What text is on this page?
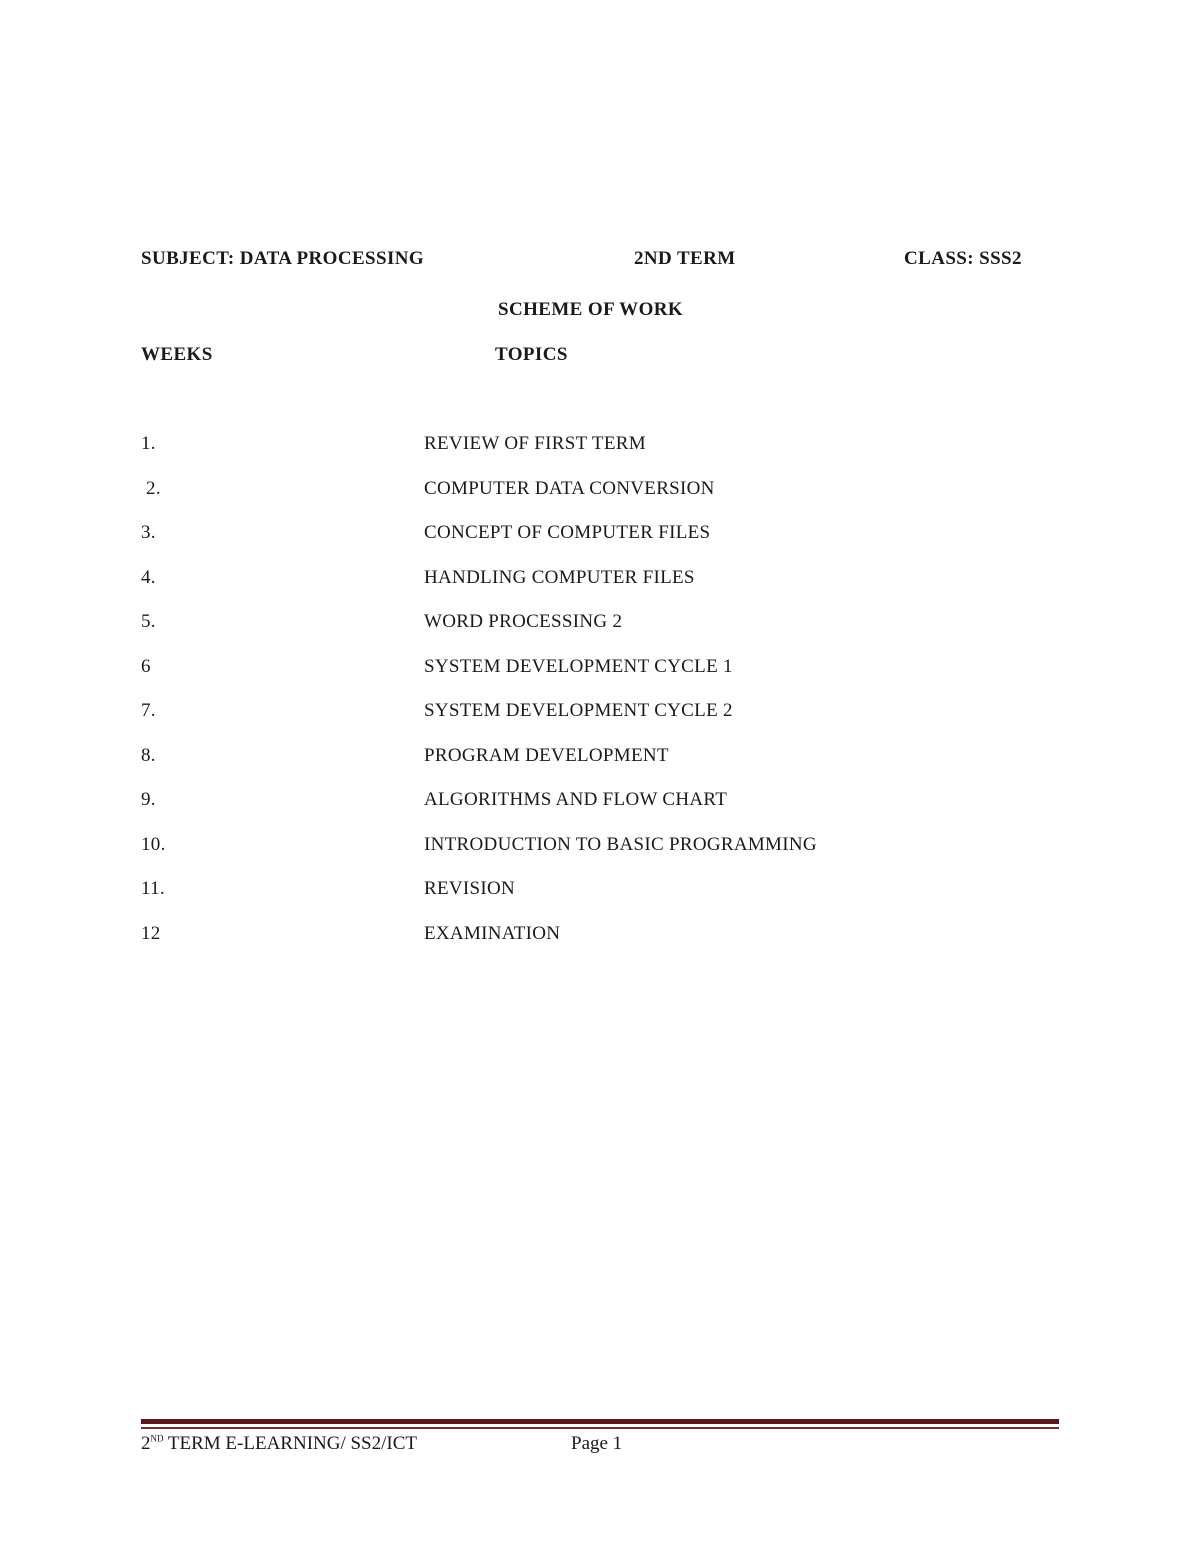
SUBJECT: DATA PROCESSING	2ND TERM	CLASS: SSS2
SCHEME OF WORK
WEEKS	TOPICS
1.	REVIEW OF FIRST TERM
2.	COMPUTER DATA CONVERSION
3.	CONCEPT OF COMPUTER FILES
4.	HANDLING COMPUTER FILES
5.	WORD PROCESSING 2
6	SYSTEM DEVELOPMENT CYCLE 1
7.	SYSTEM DEVELOPMENT CYCLE 2
8.	PROGRAM DEVELOPMENT
9.	ALGORITHMS AND FLOW CHART
10.	INTRODUCTION TO BASIC PROGRAMMING
11.	REVISION
12	EXAMINATION
2ND TERM E-LEARNING/ SS2/ICT	Page 1
